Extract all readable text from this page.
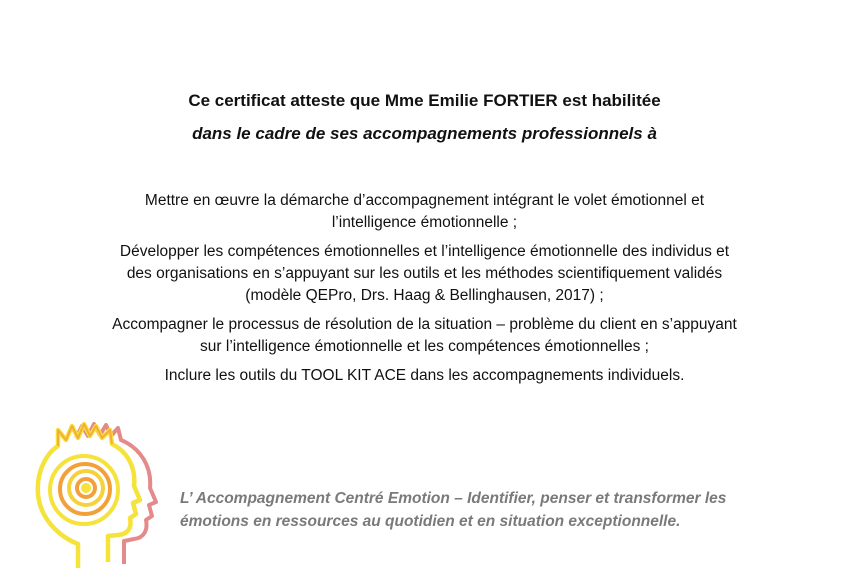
Ce certificat atteste que Mme Emilie FORTIER est habilitée
dans le cadre de ses accompagnements professionnels à

Mettre en œuvre la démarche d’accompagnement intégrant le volet émotionnel et
l’intelligence émotionnelle ;

Développer les compétences émotionnelles et l’intelligence émotionnelle des individus et
des organisations en s’appuyant sur les outils et les méthodes scientifiquement validés
(modèle QEPro, Drs. Haag & Bellinghausen, 2017) ;

Accompagner le processus de résolution de la situation – problème du client en s’appuyant
sur l’intelligence émotionnelle et les compétences émotionnelles ;

Inclure les outils du TOOL KIT ACE dans les accompagnements individuels.

L’ Accompagnement Centré Emotion – Identifier, penser et transformer les
émotions en ressources au quotidien et en situation exceptionnelle.
